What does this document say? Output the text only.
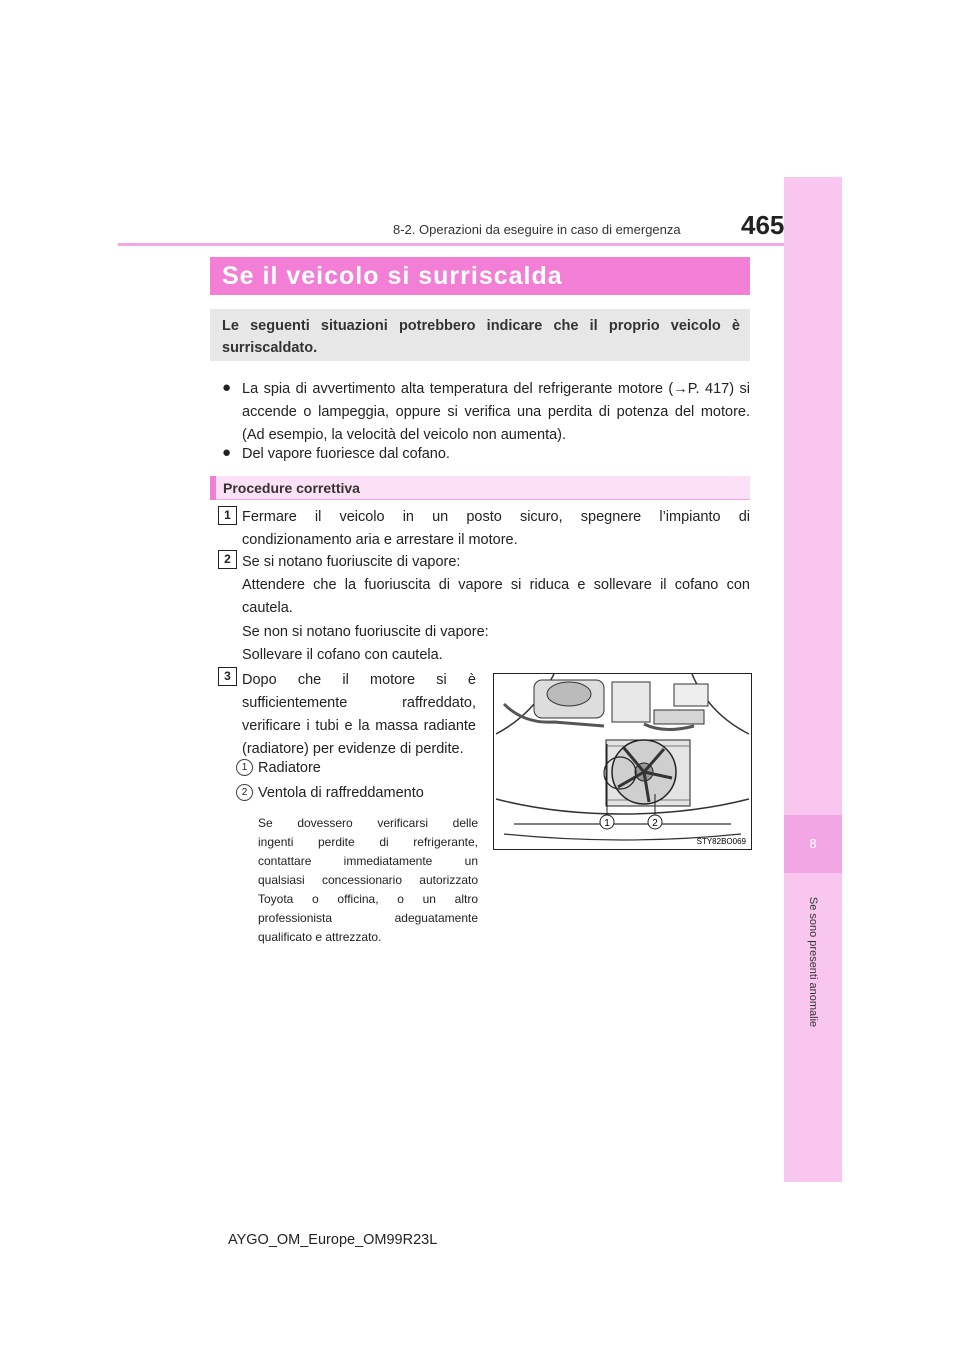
8-2. Operazioni da eseguire in caso di emergenza 465
8
Se sono presenti anomalie
Se il veicolo si surriscalda
Le seguenti situazioni potrebbero indicare che il proprio veicolo è surriscaldato.
● La spia di avvertimento alta temperatura del refrigerante motore (→P. 417) si
accende o lampeggia, oppure si verifica una perdita di potenza del motore.
(Ad esempio, la velocità del veicolo non aumenta).
● Del vapore fuoriesce dal cofano.
Procedure correttiva
1 Fermare il veicolo in un posto sicuro, spegnere l’impianto di
condizionamento aria e arrestare il motore.
2 Se si notano fuoriuscite di vapore:
Attendere che la fuoriuscita di vapore si riduca e sollevare il cofano con
cautela.
Se non si notano fuoriuscite di vapore:
Sollevare il cofano con cautela.
3 Dopo che il motore si è
sufficientemente raffreddato,
verificare i tubi e la massa radiante
(radiatore) per evidenze di perdite.
1 Radiatore
2 Ventola di raffreddamento
Se dovessero verificarsi delle
ingenti perdite di refrigerante,
contattare immediatamente un
qualsiasi concessionario autorizzato
Toyota o officina, o un altro
professionista adeguatamente
qualificato e attrezzato.
1	2
STY82BO069
AYGO_OM_Europe_OM99R23L
